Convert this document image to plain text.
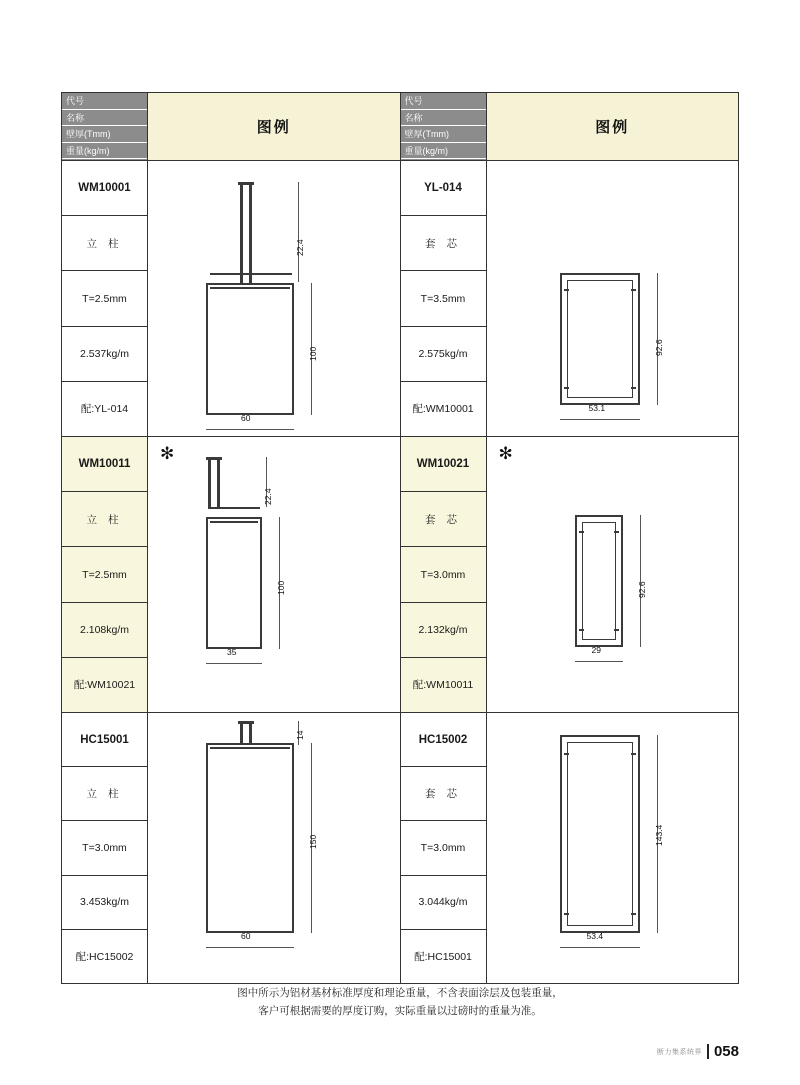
代号
名称
壁厚(Tmm)
重量(kg/m)
图例
代号
名称
壁厚(Tmm)
重量(kg/m)
图例
WM10001
立 柱
T=2.5mm
2.537kg/m
配:YL-014
60
100
22.4
YL-014
套 芯
T=3.5mm
2.575kg/m
配:WM10001	53.1
92.6
WM10011
立 柱
T=2.5mm
2.108kg/m
配:WM10021
✻
35
100
22.4
WM10021
套 芯
T=3.0mm
2.132kg/m
配:WM10011
✻
29
92.6
HC15001
立 柱
T=3.0mm
3.453kg/m
配:HC15002
60
150
14	HC15002
套 芯
T=3.0mm
3.044kg/m
配:HC15001
53.4
143.4
图中所示为铝材基材标准厚度和理论重量，不含表面涂层及包装重量，
客户可根据需要的厚度订购，实际重量以过磅时的重量为准。
断力集系统界 058
